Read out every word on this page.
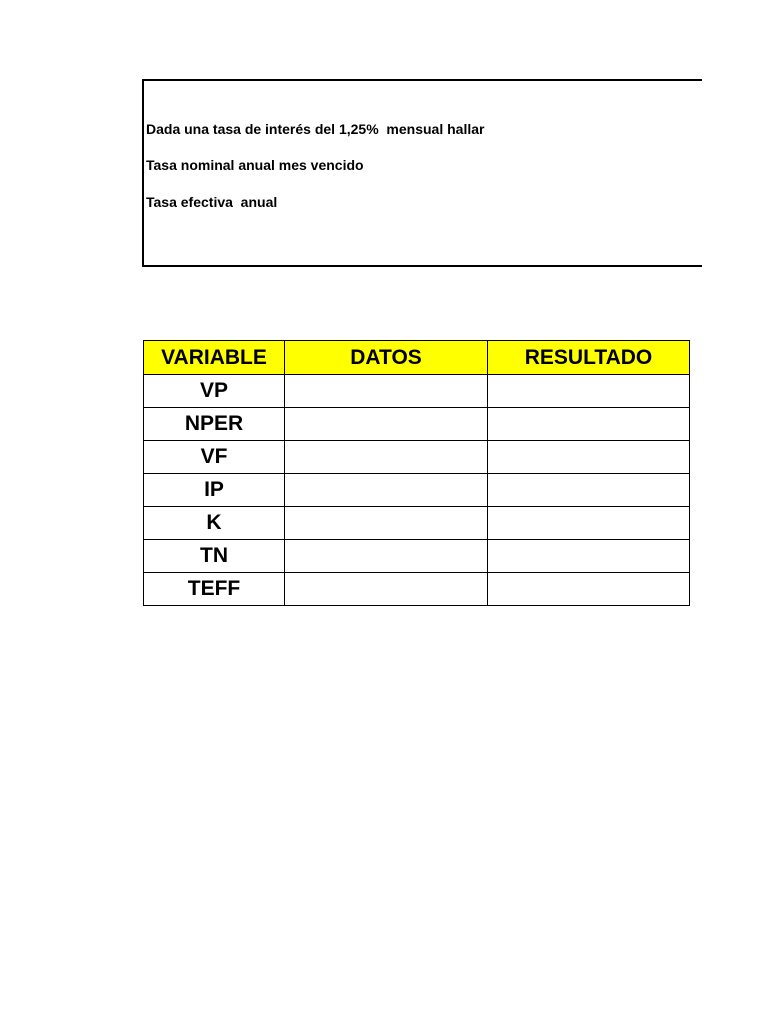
Dada una tasa de interés del 1,25%  mensual hallar
Tasa nominal anual mes vencido
Tasa efectiva  anual
VARIABLE	DATOS	RESULTADO
VP		
NPER		
VF		
IP		
K		
TN		
TEFF		
